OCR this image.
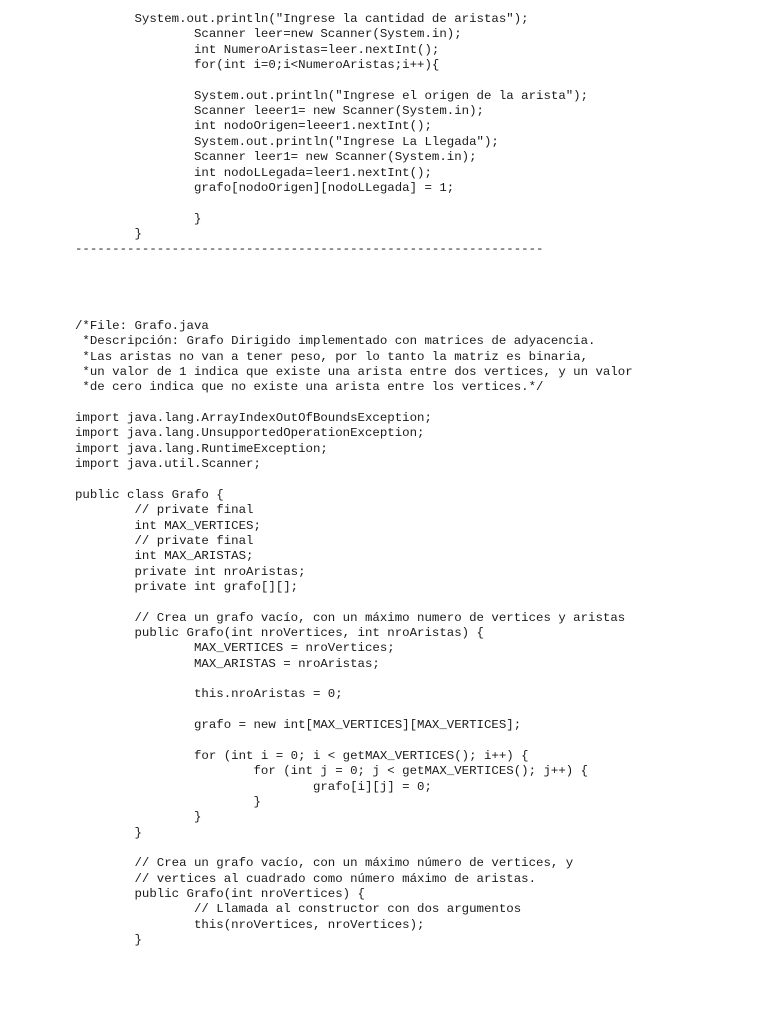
System.out.println("Ingrese la cantidad de aristas");
Scanner leer=new Scanner(System.in);
int NumeroAristas=leer.nextInt();
for(int i=0;i<NumeroAristas;i++){
System.out.println("Ingrese el origen de la arista");
Scanner leeer1= new Scanner(System.in);
int nodoOrigen=leeer1.nextInt();
System.out.println("Ingrese La Llegada");
Scanner leer1= new Scanner(System.in);
int nodoLLegada=leer1.nextInt();
grafo[nodoOrigen][nodoLLegada] = 1;
}
}
---------------------------------------------------------------
/*File: Grafo.java
*Descripción: Grafo Dirigido implementado con matrices de adyacencia.
*Las aristas no van a tener peso, por lo tanto la matriz es binaria,
*un valor de 1 indica que existe una arista entre dos vertices, y un valor
*de cero indica que no existe una arista entre los vertices.*/
import java.lang.ArrayIndexOutOfBoundsException;
import java.lang.UnsupportedOperationException;
import java.lang.RuntimeException;
import java.util.Scanner;
public class Grafo {
// private final
int MAX_VERTICES;
// private final
int MAX_ARISTAS;
private int nroAristas;
private int grafo[][];
// Crea un grafo vacío, con un máximo numero de vertices y aristas
public Grafo(int nroVertices, int nroAristas) {
MAX_VERTICES = nroVertices;
MAX_ARISTAS = nroAristas;
this.nroAristas = 0;
grafo = new int[MAX_VERTICES][MAX_VERTICES];
for (int i = 0; i < getMAX_VERTICES(); i++) {
for (int j = 0; j < getMAX_VERTICES(); j++) {
grafo[i][j] = 0;
}
}
}
// Crea un grafo vacío, con un máximo número de vertices, y
// vertices al cuadrado como número máximo de aristas.
public Grafo(int nroVertices) {
// Llamada al constructor con dos argumentos
this(nroVertices, nroVertices);
}
